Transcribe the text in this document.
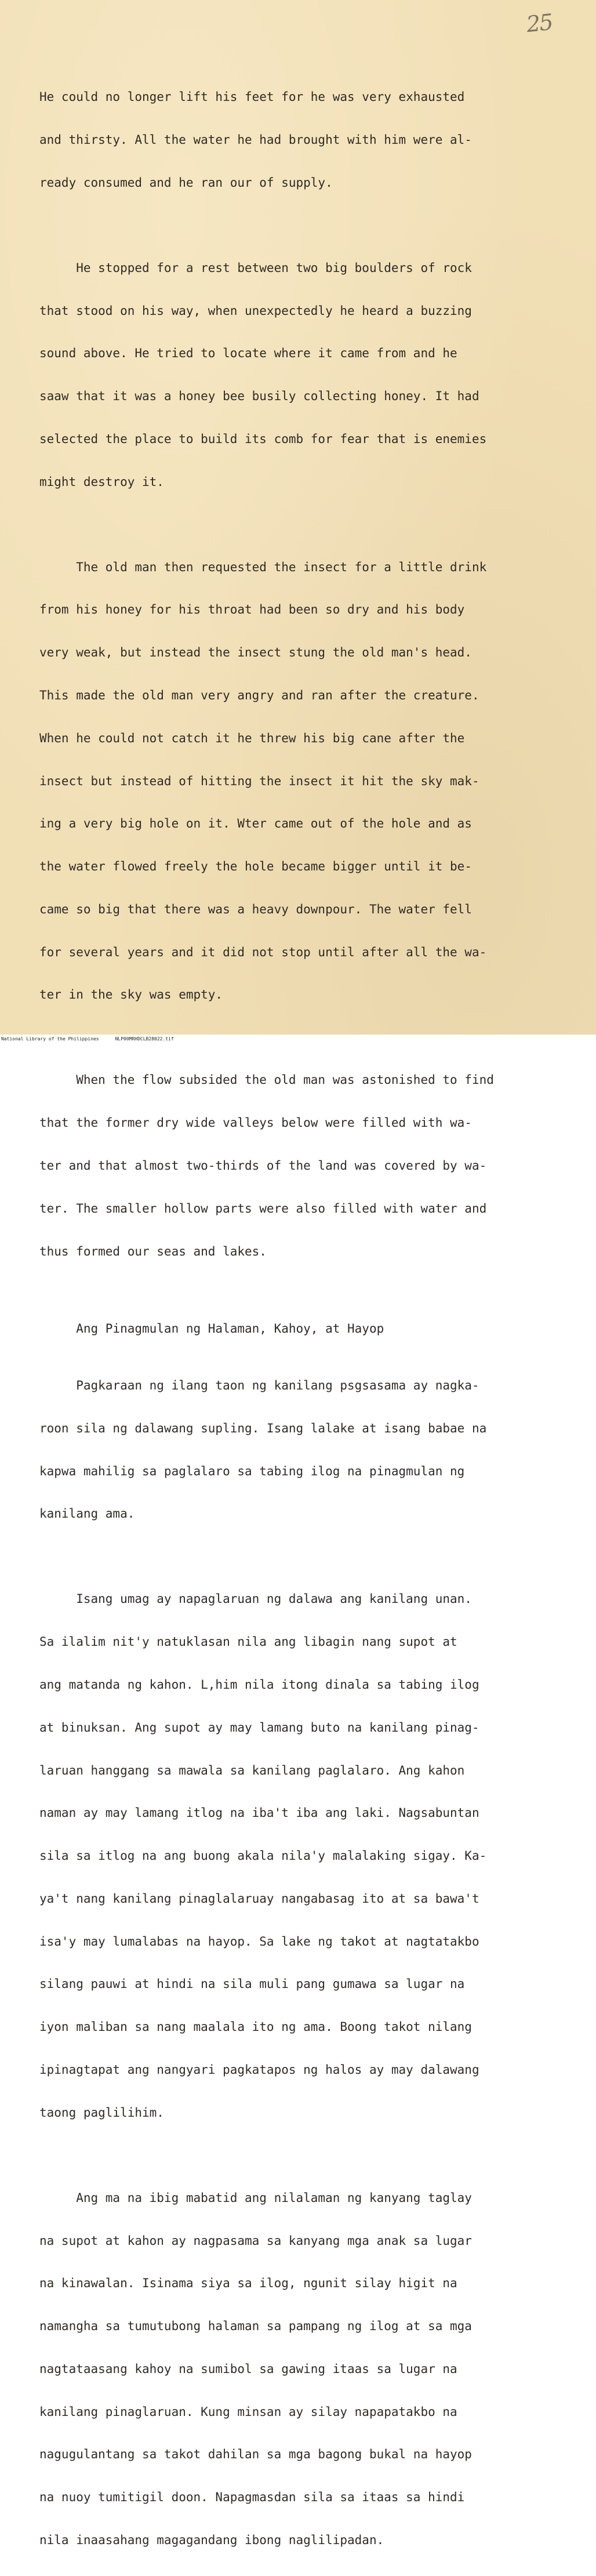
25

He could no longer lift his feet for he was very exhausted

and thirsty. All the water he had brought with him were al-

ready consumed and he ran our of supply.

He stopped for a rest between two big boulders of rock

that stood on his way, when unexpectedly he heard a buzzing

sound above. He tried to locate where it came from and he

saaw that it was a honey bee busily collecting honey. It had

selected the place to build its comb for fear that is enemies

might destroy it.

The old man then requested the insect for a little drink

from his honey for his throat had been so dry and his body

very weak, but instead the insect stung the old man's head.

This made the old man very angry and ran after the creature.

When he could not catch it he threw his big cane after the

insect but instead of hitting the insect it hit the sky mak-

ing a very big hole on it. Wter came out of the hole and as

the water flowed freely the hole became bigger until it be-

came so big that there was a heavy downpour. The water fell

for several years and it did not stop until after all the wa-

ter in the sky was empty.

When the flow subsided the old man was astonished to find

that the former dry wide valleys below were filled with wa-

ter and that almost two-thirds of the land was covered by wa-

ter. The smaller hollow parts were also filled with water and

thus formed our seas and lakes.

Ang Pinagmulan ng Halaman, Kahoy, at Hayop

Pagkaraan ng ilang taon ng kanilang psgsasama ay nagka-

roon sila ng dalawang supling. Isang lalake at isang babae na

kapwa mahilig sa paglalaro sa tabing ilog na pinagmulan ng

kanilang ama.

Isang umag ay napaglaruan ng dalawa ang kanilang unan.

Sa ilalim nit'y natuklasan nila ang libagin nang supot at

ang matanda ng kahon. L,him nila itong dinala sa tabing ilog

at binuksan. Ang supot ay may lamang buto na kanilang pinag-

laruan hanggang sa mawala sa kanilang paglalaro. Ang kahon

naman ay may lamang itlog na iba't iba ang laki. Nagsabuntan

sila sa itlog na ang buong akala nila'y malalaking sigay. Ka-

ya't nang kanilang pinaglalaruay nangabasag ito at sa bawa't

isa'y may lumalabas na hayop. Sa lake ng takot at nagtatakbo

silang pauwi at hindi na sila muli pang gumawa sa lugar na

iyon maliban sa nang maalala ito ng ama. Boong takot nilang

ipinagtapat ang nangyari pagkatapos ng halos ay may dalawang

taong paglilihim.

Ang ma na ibig mabatid ang nilalaman ng kanyang taglay

na supot at kahon ay nagpasama sa kanyang mga anak sa lugar

na kinawalan. Isinama siya sa ilog, ngunit silay higit na

namangha sa tumutubong halaman sa pampang ng ilog at sa mga

nagtataasang kahoy na sumibol sa gawing itaas sa lugar na

kanilang pinaglaruan. Kung minsan ay silay napapatakbo na

nagugulantang sa takot dahilan sa mga bagong bukal na hayop

na nuoy tumitigil doon. Napagmasdan sila sa itaas sa hindi

nila inaasahang magagandang ibong naglilipadan.

National Library of the Philippines	NLP00MRHDCLB28022.tif
